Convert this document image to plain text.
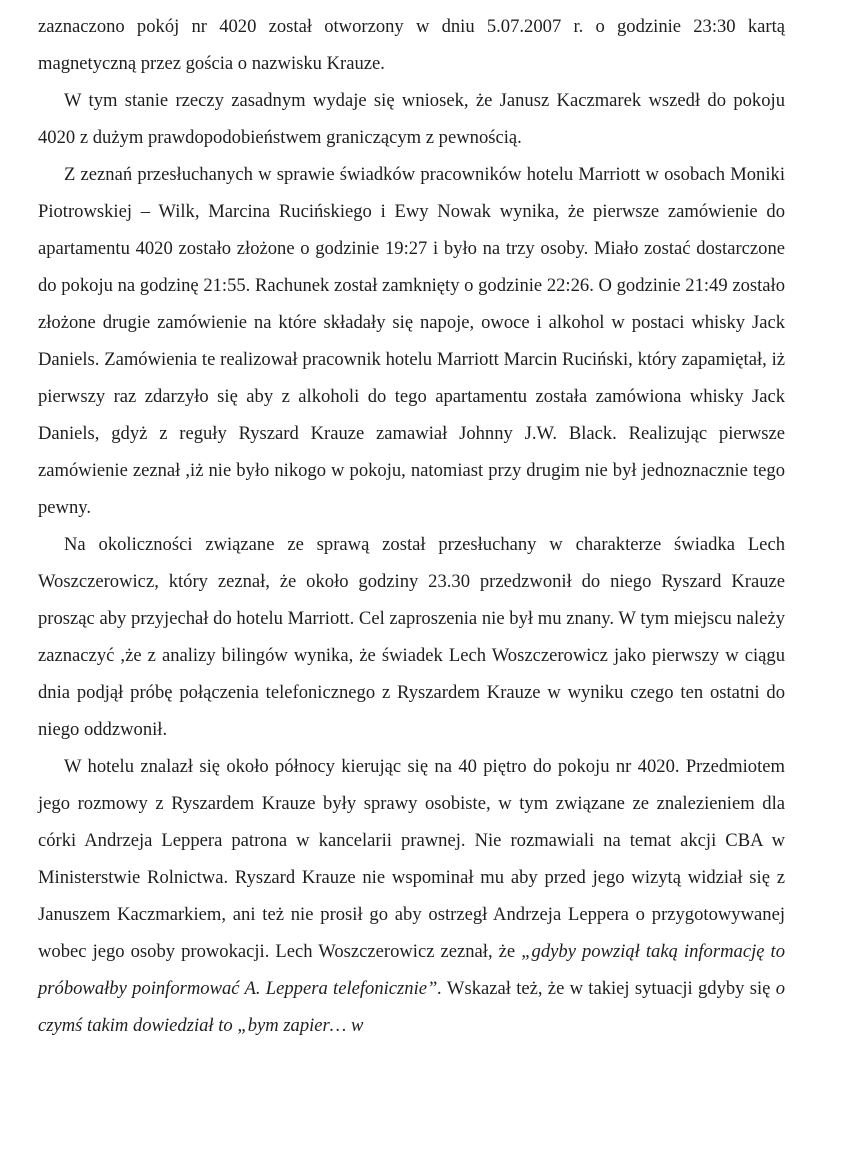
zaznaczono pokój nr 4020 został otworzony w dniu 5.07.2007 r. o godzinie 23:30 kartą magnetyczną przez gościa o nazwisku Krauze.

W tym stanie rzeczy zasadnym wydaje się wniosek, że Janusz Kaczmarek wszedł do pokoju 4020 z dużym prawdopodobieństwem graniczącym z pewnością.

Z zeznań przesłuchanych w sprawie świadków pracowników hotelu Marriott w osobach Moniki Piotrowskiej – Wilk, Marcina Rucińskiego i Ewy Nowak wynika, że pierwsze zamówienie do apartamentu 4020 zostało złożone o godzinie 19:27 i było na trzy osoby. Miało zostać dostarczone do pokoju na godzinę 21:55. Rachunek został zamknięty o godzinie 22:26. O godzinie 21:49 zostało złożone drugie zamówienie na które składały się napoje, owoce i alkohol w postaci whisky Jack Daniels. Zamówienia te realizował pracownik hotelu Marriott Marcin Ruciński, który zapamiętał, iż pierwszy raz zdarzyło się aby z alkoholi do tego apartamentu została zamówiona whisky Jack Daniels, gdyż z reguły Ryszard Krauze zamawiał Johnny J.W. Black. Realizując pierwsze zamówienie zeznał ,iż nie było nikogo w pokoju, natomiast przy drugim nie był jednoznacznie tego pewny.

Na okoliczności związane ze sprawą został przesłuchany w charakterze świadka Lech Woszczerowicz, który zeznał, że około godziny 23.30 przedzwonił do niego Ryszard Krauze prosząc aby przyjechał do hotelu Marriott. Cel zaproszenia nie był mu znany. W tym miejscu należy zaznaczyć ,że z analizy bilingów wynika, że świadek Lech Woszczerowicz jako pierwszy w ciągu dnia podjął próbę połączenia telefonicznego z Ryszardem Krauze w wyniku czego ten ostatni do niego oddzwonił.

W hotelu znalazł się około północy kierując się na 40 piętro do pokoju nr 4020. Przedmiotem jego rozmowy z Ryszardem Krauze były sprawy osobiste, w tym związane ze znalezieniem dla córki Andrzeja Leppera patrona w kancelarii prawnej. Nie rozmawiali na temat akcji CBA w Ministerstwie Rolnictwa. Ryszard Krauze nie wspominał mu aby przed jego wizytą widział się z Januszem Kaczmarkiem, ani też nie prosił go aby ostrzegł Andrzeja Leppera o przygotowywanej wobec jego osoby prowokacji. Lech Woszczerowicz zeznał, że „gdyby powziął taką informację to próbowałby poinformować A. Leppera telefonicznie”. Wskazał też, że w takiej sytuacji gdyby się o czymś takim dowiedział to „bym zapier… w
